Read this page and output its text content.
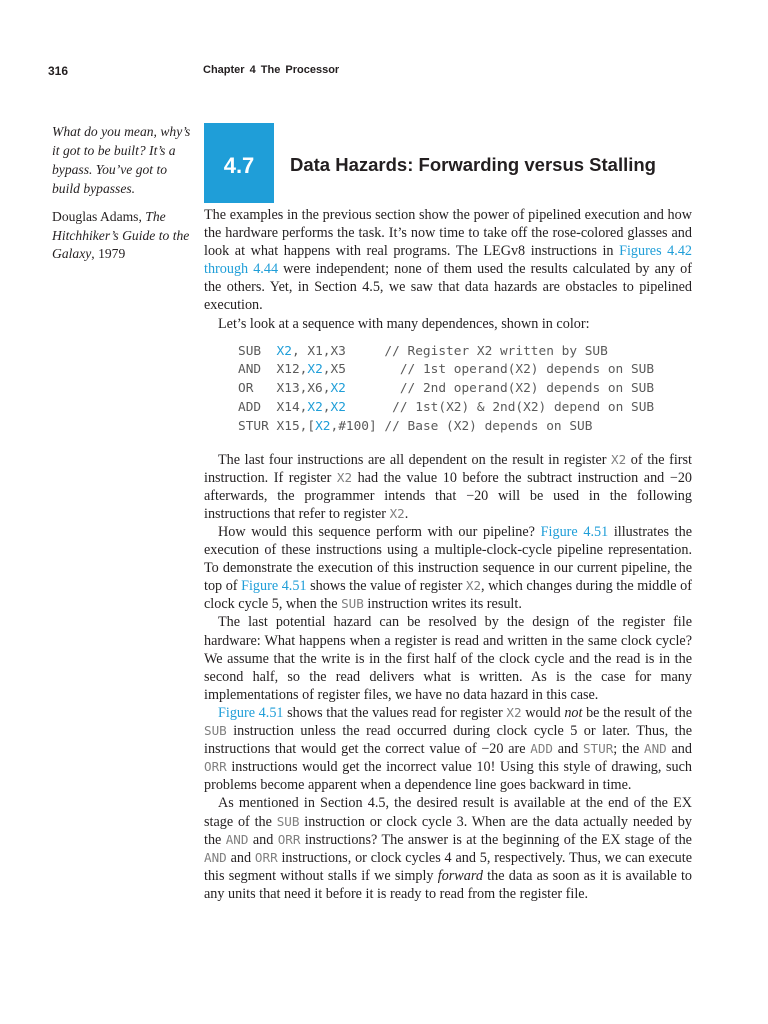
316	Chapter 4 The Processor

What do you mean, why’s it got to be built? It’s a bypass. You’ve got to build bypasses.

Douglas Adams, The Hitchhiker’s Guide to the Galaxy, 1979

4.7	Data Hazards: Forwarding versus Stalling

The examples in the previous section show the power of pipelined execution and how the hardware performs the task. It’s now time to take off the rose-colored glasses and look at what happens with real programs. The LEGv8 instructions in Figures 4.42 through 4.44 were independent; none of them used the results calculated by any of the others. Yet, in Section 4.5, we saw that data hazards are obstacles to pipelined execution.

Let’s look at a sequence with many dependences, shown in color:

SUB  X2, X1,X3     // Register X2 written by SUB
AND  X12,X2,X5       // 1st operand(X2) depends on SUB
OR   X13,X6,X2	// 2nd operand(X2) depends on SUB
ADD  X14,X2,X2	// 1st(X2) & 2nd(X2) depend on SUB
STUR X15,[X2,#100] // Base (X2) depends on SUB

The last four instructions are all dependent on the result in register X2 of the first instruction. If register X2 had the value 10 before the subtract instruction and −20 afterwards, the programmer intends that −20 will be used in the following instructions that refer to register X2.

How would this sequence perform with our pipeline? Figure 4.51 illustrates the execution of these instructions using a multiple-clock-cycle pipeline representation. To demonstrate the execution of this instruction sequence in our current pipeline, the top of Figure 4.51 shows the value of register X2, which changes during the middle of clock cycle 5, when the SUB instruction writes its result.

The last potential hazard can be resolved by the design of the register file hardware: What happens when a register is read and written in the same clock cycle? We assume that the write is in the first half of the clock cycle and the read is in the second half, so the read delivers what is written. As is the case for many implementations of register files, we have no data hazard in this case.

Figure 4.51 shows that the values read for register X2 would not be the result of the SUB instruction unless the read occurred during clock cycle 5 or later. Thus, the instructions that would get the correct value of −20 are ADD and STUR; the AND and ORR instructions would get the incorrect value 10! Using this style of drawing, such problems become apparent when a dependence line goes backward in time.

As mentioned in Section 4.5, the desired result is available at the end of the EX stage of the SUB instruction or clock cycle 3. When are the data actually needed by the AND and ORR instructions? The answer is at the beginning of the EX stage of the AND and ORR instructions, or clock cycles 4 and 5, respectively. Thus, we can execute this segment without stalls if we simply forward the data as soon as it is available to any units that need it before it is ready to read from the register file.
